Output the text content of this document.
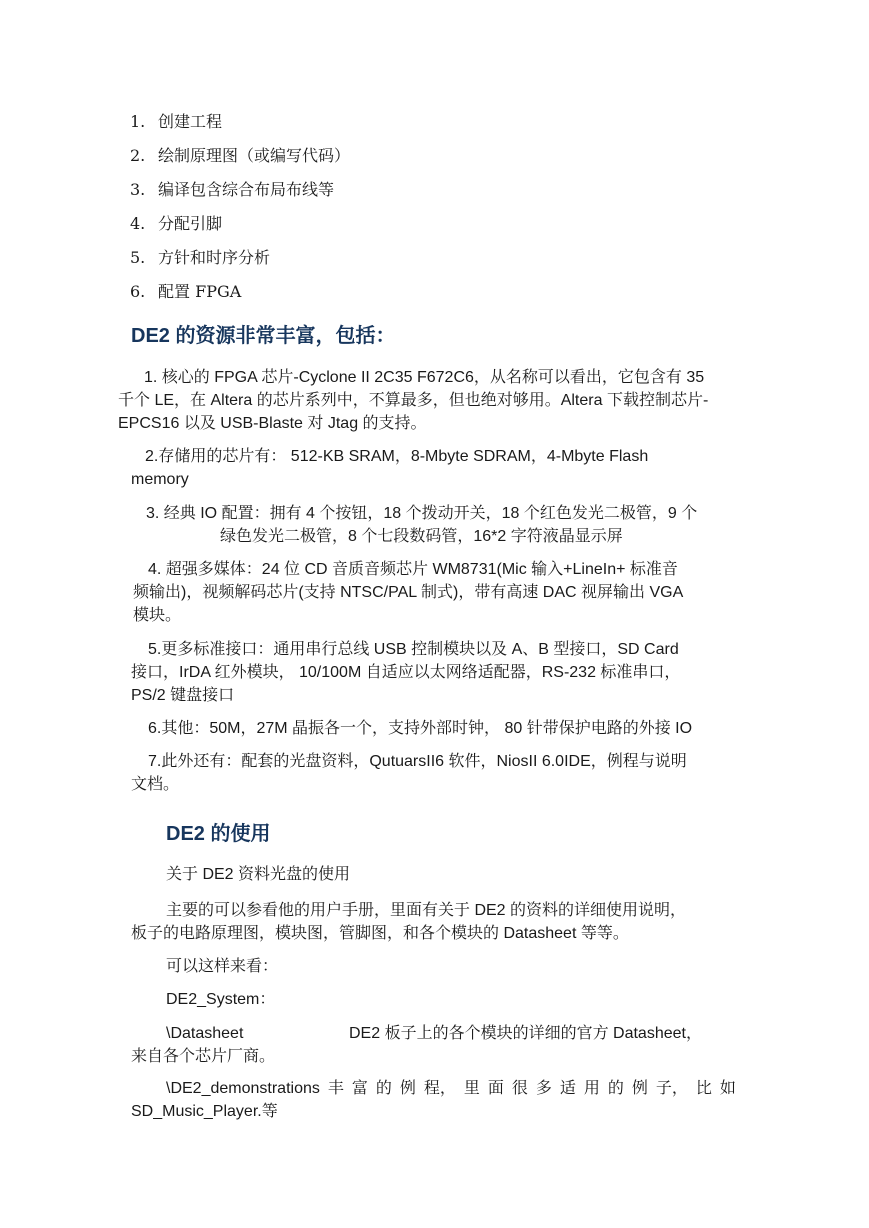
1. 创建工程
2. 绘制原理图（或编写代码）
3. 编译包含综合布局布线等
4. 分配引脚
5. 方针和时序分析
6. 配置 FPGA
DE2 的资源非常丰富，包括：

1. 核心的 FPGA 芯片-Cyclone II 2C35 F672C6，从名称可以看出，它包含有 35
千个 LE，在 Altera 的芯片系列中，不算最多，但也绝对够用。Altera 下载控制芯片-
EPCS16 以及 USB-Blaste 对 Jtag 的支持。

2.存储用的芯片有： 512-KB SRAM，8-Mbyte SDRAM，4-Mbyte Flash
memory

3. 经典 IO 配置：拥有 4 个按钮，18 个拨动开关，18 个红色发光二极管，9 个
绿色发光二极管，8 个七段数码管，16*2 字符液晶显示屏

4. 超强多媒体：24 位 CD 音质音频芯片 WM8731(Mic 输入+LineIn+ 标准音
频输出)，视频解码芯片(支持 NTSC/PAL 制式)，带有高速 DAC 视屏输出 VGA
模块。

5.更多标准接口：通用串行总线 USB 控制模块以及 A、B 型接口，SD Card
接口，IrDA 红外模块， 10/100M 自适应以太网络适配器，RS-232 标准串口，
PS/2 键盘接口

6.其他：50M，27M 晶振各一个，支持外部时钟， 80 针带保护电路的外接 IO

7.此外还有：配套的光盘资料，QutuarsII6 软件，NiosII 6.0IDE，例程与说明
文档。

DE2 的使用

关于 DE2 资料光盘的使用

主要的可以参看他的用户手册，里面有关于 DE2 的资料的详细使用说明，
板子的电路原理图，模块图，管脚图，和各个模块的 Datasheet 等等。

可以这样来看：

DE2_System：

\Datasheet	DE2 板子上的各个模块的详细的官方 Datasheet，
来自各个芯片厂商。

\DE2_demonstrations 丰 富 的 例 程， 里 面 很 多 适 用 的 例 子， 比 如
SD_Music_Player.等
